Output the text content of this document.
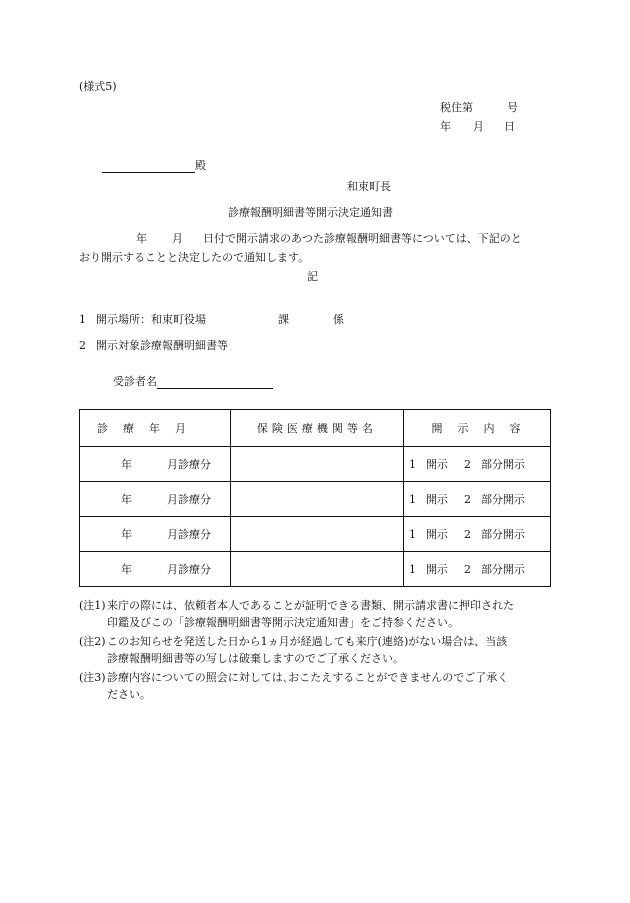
(様式5)
税住第	号
年 月 日
殿
和束町長
診療報酬明細書等開示決定通知書
年 月 日付で開示請求のあつた診療報酬明細書等については、下記のと
おり開示することと決定したので通知します。
記
1 開示場所：和束町役場	課	係
2 開示対象診療報酬明細書等
受診者名
診　療　年　月	保険医療機関等名	開　示　内　容
年 月診療分		1 開示 2 部分開示
年 月診療分		1 開示 2 部分開示
年 月診療分		1 開示 2 部分開示
年 月診療分		1 開示 2 部分開示
(注1)来庁の際には、依頼者本人であることが証明できる書類、開示請求書に押印された
印鑑及びこの「診療報酬明細書等開示決定通知書」をご持参ください。
(注2)このお知らせを発送した日から1ヵ月が経過しても来庁(連絡)がない場合は、当該
診療報酬明細書等の写しは破棄しますのでご了承ください。
(注3)診療内容についての照会に対しては､おこたえすることができませんのでご了承く
ださい。
